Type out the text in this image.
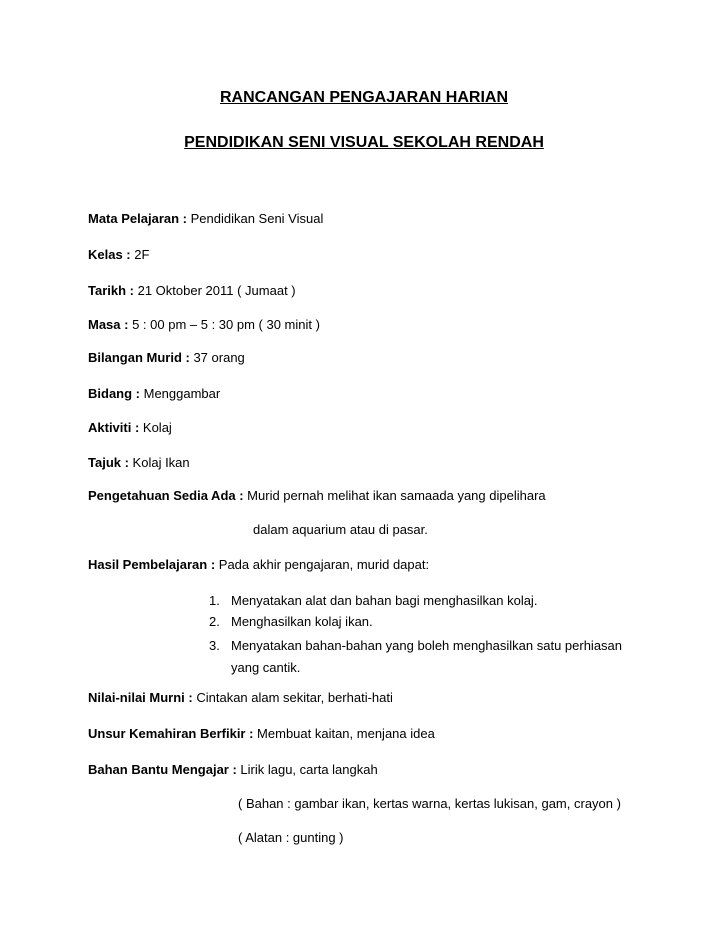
RANCANGAN PENGAJARAN HARIAN
PENDIDIKAN SENI VISUAL SEKOLAH RENDAH
Mata Pelajaran : Pendidikan Seni Visual
Kelas : 2F
Tarikh : 21 Oktober 2011 ( Jumaat )
Masa : 5 : 00 pm – 5 : 30 pm ( 30 minit )
Bilangan Murid : 37 orang
Bidang : Menggambar
Aktiviti : Kolaj
Tajuk : Kolaj Ikan
Pengetahuan Sedia Ada : Murid pernah melihat ikan samaada yang dipelihara
dalam aquarium atau di pasar.
Hasil Pembelajaran : Pada akhir pengajaran, murid dapat:
1. Menyatakan alat dan bahan bagi menghasilkan kolaj.
2. Menghasilkan kolaj ikan.
3. Menyatakan bahan-bahan yang boleh menghasilkan satu perhiasan
yang cantik.
Nilai-nilai Murni : Cintakan alam sekitar, berhati-hati
Unsur Kemahiran Berfikir : Membuat kaitan, menjana idea
Bahan Bantu Mengajar : Lirik lagu, carta langkah
( Bahan : gambar ikan, kertas warna, kertas lukisan, gam, crayon )
( Alatan : gunting )
